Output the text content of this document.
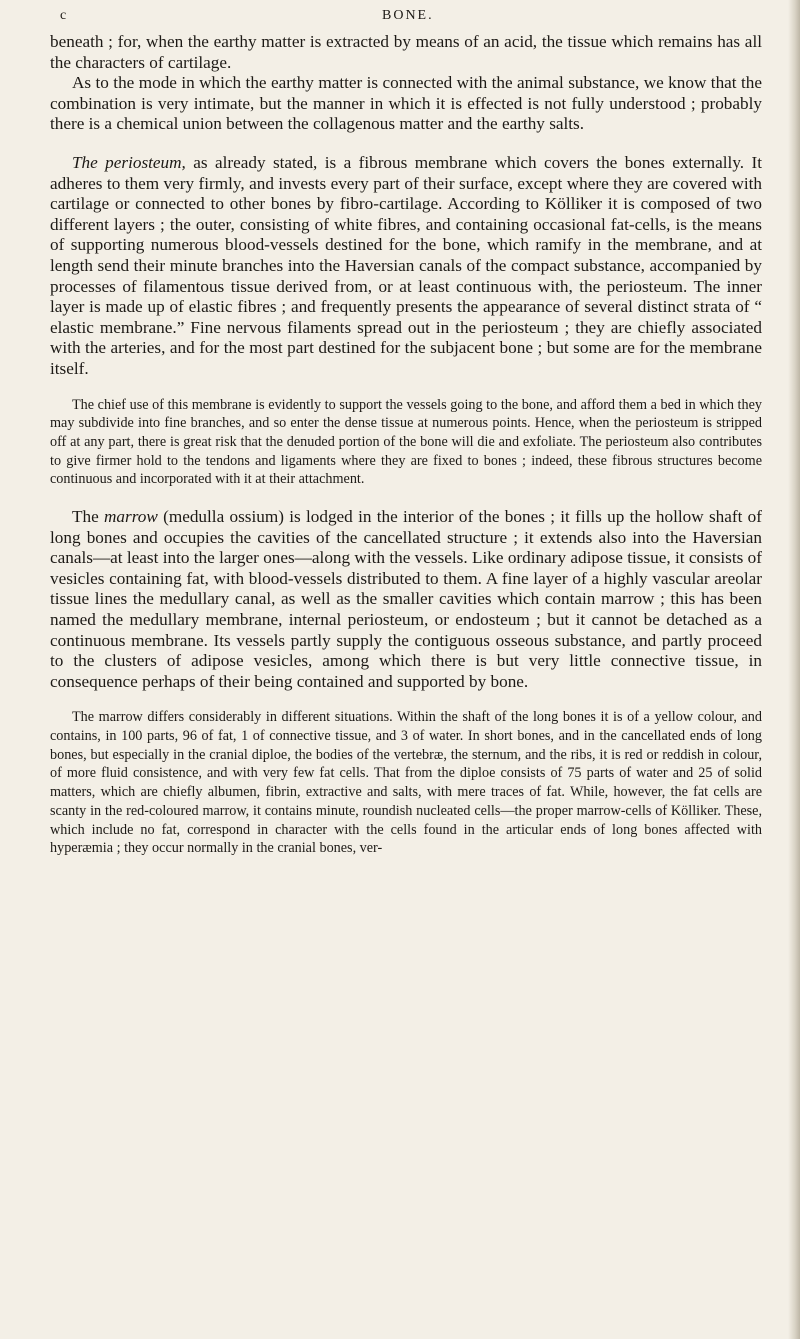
c	BONE.

beneath ; for, when the earthy matter is extracted by means of an acid, the tissue which remains has all the characters of cartilage.

As to the mode in which the earthy matter is connected with the animal substance, we know that the combination is very intimate, but the manner in which it is effected is not fully understood ; probably there is a chemical union between the collagenous matter and the earthy salts.

The periosteum, as already stated, is a fibrous membrane which covers the bones externally. It adheres to them very firmly, and invests every part of their surface, except where they are covered with cartilage or connected to other bones by fibro-cartilage. According to Kölliker it is composed of two different layers ; the outer, consisting of white fibres, and containing occasional fat-cells, is the means of supporting numerous blood-vessels destined for the bone, which ramify in the membrane, and at length send their minute branches into the Haversian canals of the compact substance, accompanied by processes of filamentous tissue derived from, or at least continuous with, the periosteum. The inner layer is made up of elastic fibres ; and frequently presents the appearance of several distinct strata of “ elastic membrane.” Fine nervous filaments spread out in the periosteum ; they are chiefly associated with the arteries, and for the most part destined for the subjacent bone ; but some are for the membrane itself.

The chief use of this membrane is evidently to support the vessels going to the bone, and afford them a bed in which they may subdivide into fine branches, and so enter the dense tissue at numerous points. Hence, when the periosteum is stripped off at any part, there is great risk that the denuded portion of the bone will die and exfoliate. The periosteum also contributes to give firmer hold to the tendons and ligaments where they are fixed to bones ; indeed, these fibrous structures become continuous and incorporated with it at their attachment.

The marrow (medulla ossium) is lodged in the interior of the bones ; it fills up the hollow shaft of long bones and occupies the cavities of the cancellated structure ; it extends also into the Haversian canals—at least into the larger ones—along with the vessels. Like ordinary adipose tissue, it consists of vesicles containing fat, with blood-vessels distributed to them. A fine layer of a highly vascular areolar tissue lines the medullary canal, as well as the smaller cavities which contain marrow ; this has been named the medullary membrane, internal periosteum, or endosteum ; but it cannot be detached as a continuous membrane. Its vessels partly supply the contiguous osseous substance, and partly proceed to the clusters of adipose vesicles, among which there is but very little connective tissue, in consequence perhaps of their being contained and supported by bone.

The marrow differs considerably in different situations. Within the shaft of the long bones it is of a yellow colour, and contains, in 100 parts, 96 of fat, 1 of connective tissue, and 3 of water. In short bones, and in the cancellated ends of long bones, but especially in the cranial diploe, the bodies of the vertebræ, the sternum, and the ribs, it is red or reddish in colour, of more fluid consistence, and with very few fat cells. That from the diploe consists of 75 parts of water and 25 of solid matters, which are chiefly albumen, fibrin, extractive and salts, with mere traces of fat. While, however, the fat cells are scanty in the red-coloured marrow, it contains minute, roundish nucleated cells—the proper marrow-cells of Kölliker. These, which include no fat, correspond in character with the cells found in the articular ends of long bones affected with hyperæmia ; they occur normally in the cranial bones, ver-
